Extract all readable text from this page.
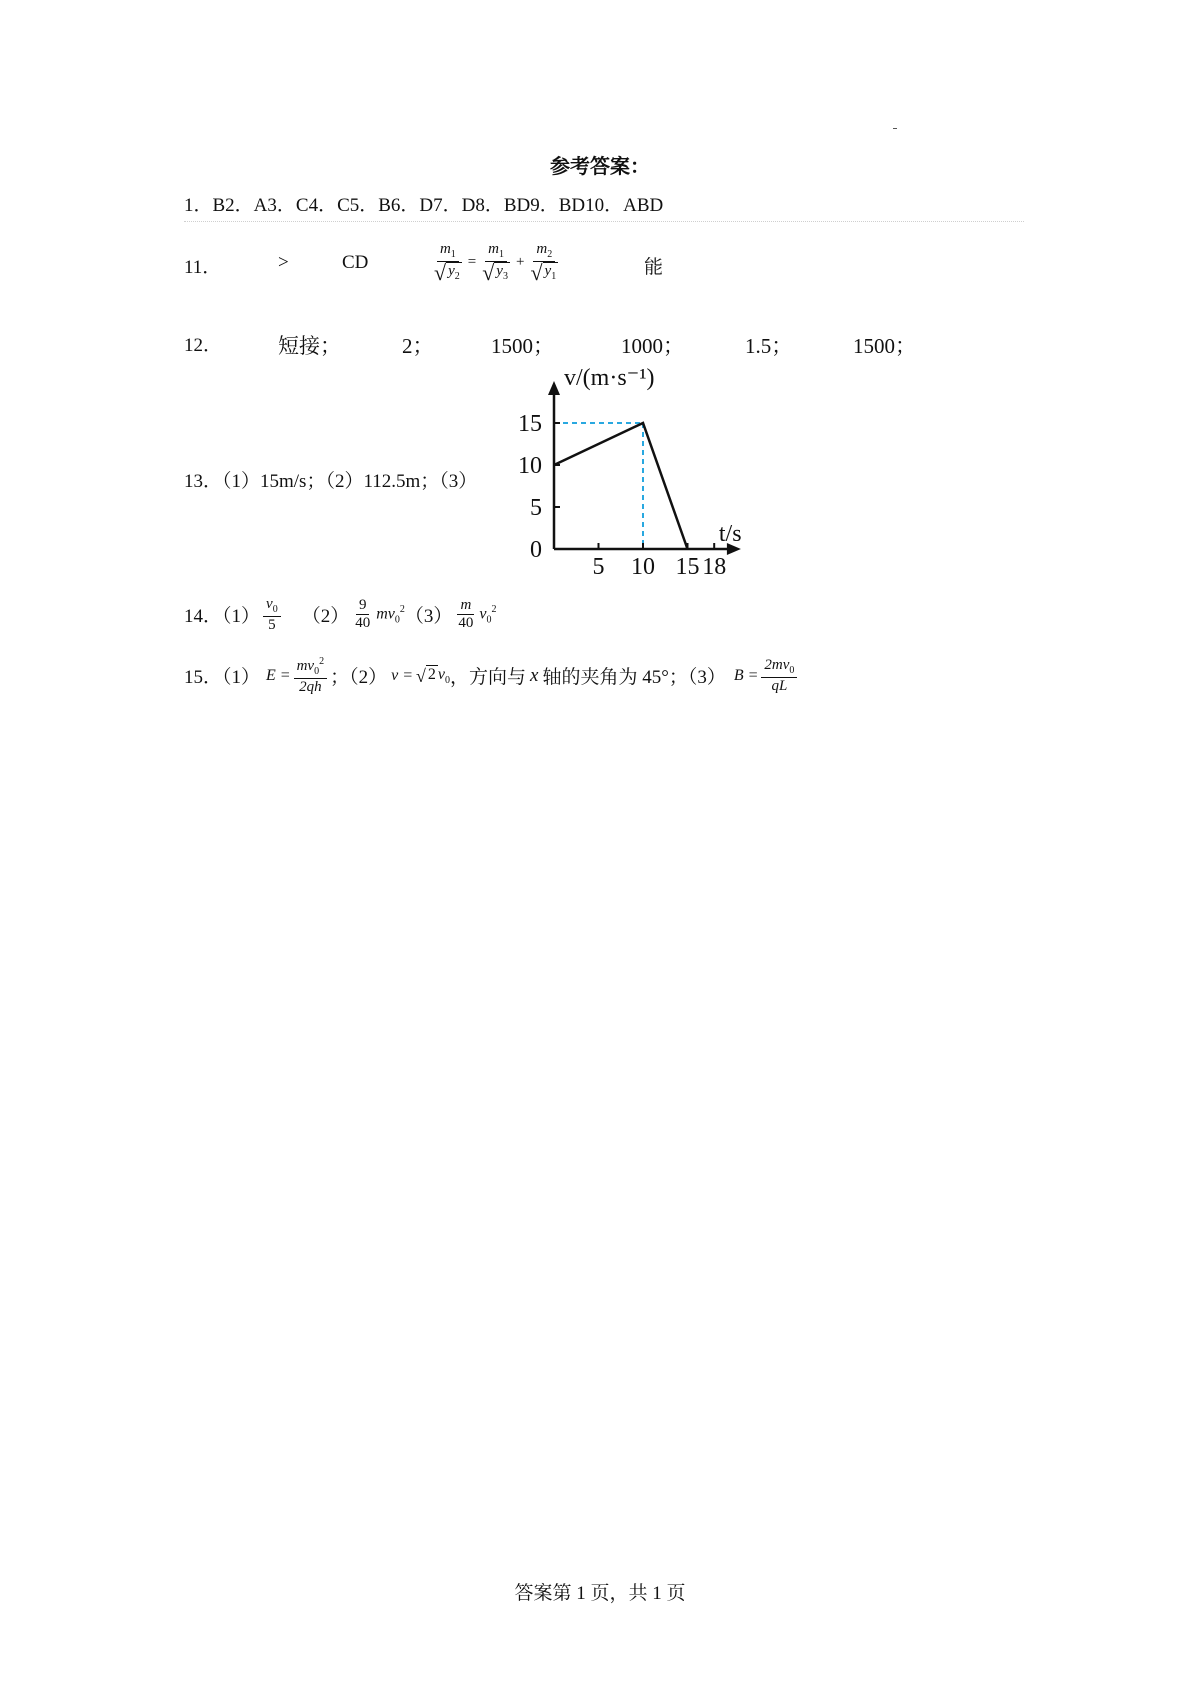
参考答案：
1．B2．A3．C4．C5．B6．D7．D8．BD9．BD10．ABD
11．	>	CD	$\frac{m_1}{√ y_2} = \frac{m_1}{√ y_3} + \frac{m_2}{√ y_1}$	能
12．	短接；	2；	1500；	1000；	1.5；	1500；
13．（1）15m/s；（2）112.5m；（3）
5 10 15 18
0
5
10
15
v/(m·s⁻¹)
t/s
14．$(1) \frac{v_0}{5} (2) \frac{9}{40} mv_0^2$ $(3) \frac{m}{40} v_0^2$
15．（1） $E = \frac{mv_0^2}{2qh}$ ；（2） v = √ 2 $v_0$ ，方向与 x 轴的夹角为 45°；（3） $B = \frac{2mv_0}{qL}$
答案第 1 页，共 1 页
